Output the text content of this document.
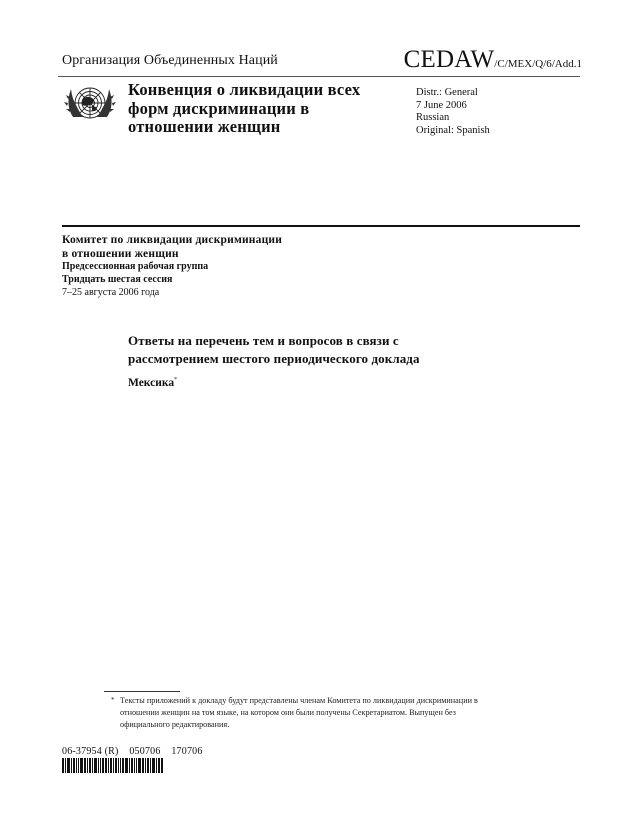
Организация Объединенных Наций	CEDAW/C/MEX/Q/6/Add.1
Конвенция о ликвидации всех
форм дискриминации в
отношении женщин
Distr.: General
7 June 2006
Russian
Original: Spanish
Комитет по ликвидации дискриминации
в отношении женщин
Предсессионная рабочая группа
Тридцать шестая сессия
7–25 августа 2006 года
Ответы на перечень тем и вопросов в связи с
рассмотрением шестого периодического доклада
Мексика*
* Тексты приложений к докладу будут представлены членам Комитета по ликвидации дискриминации в отношении женщин на том языке, на котором они были получены Секретариатом. Выпущен без официального редактирования.
06-37954 (R)    050706    170706
